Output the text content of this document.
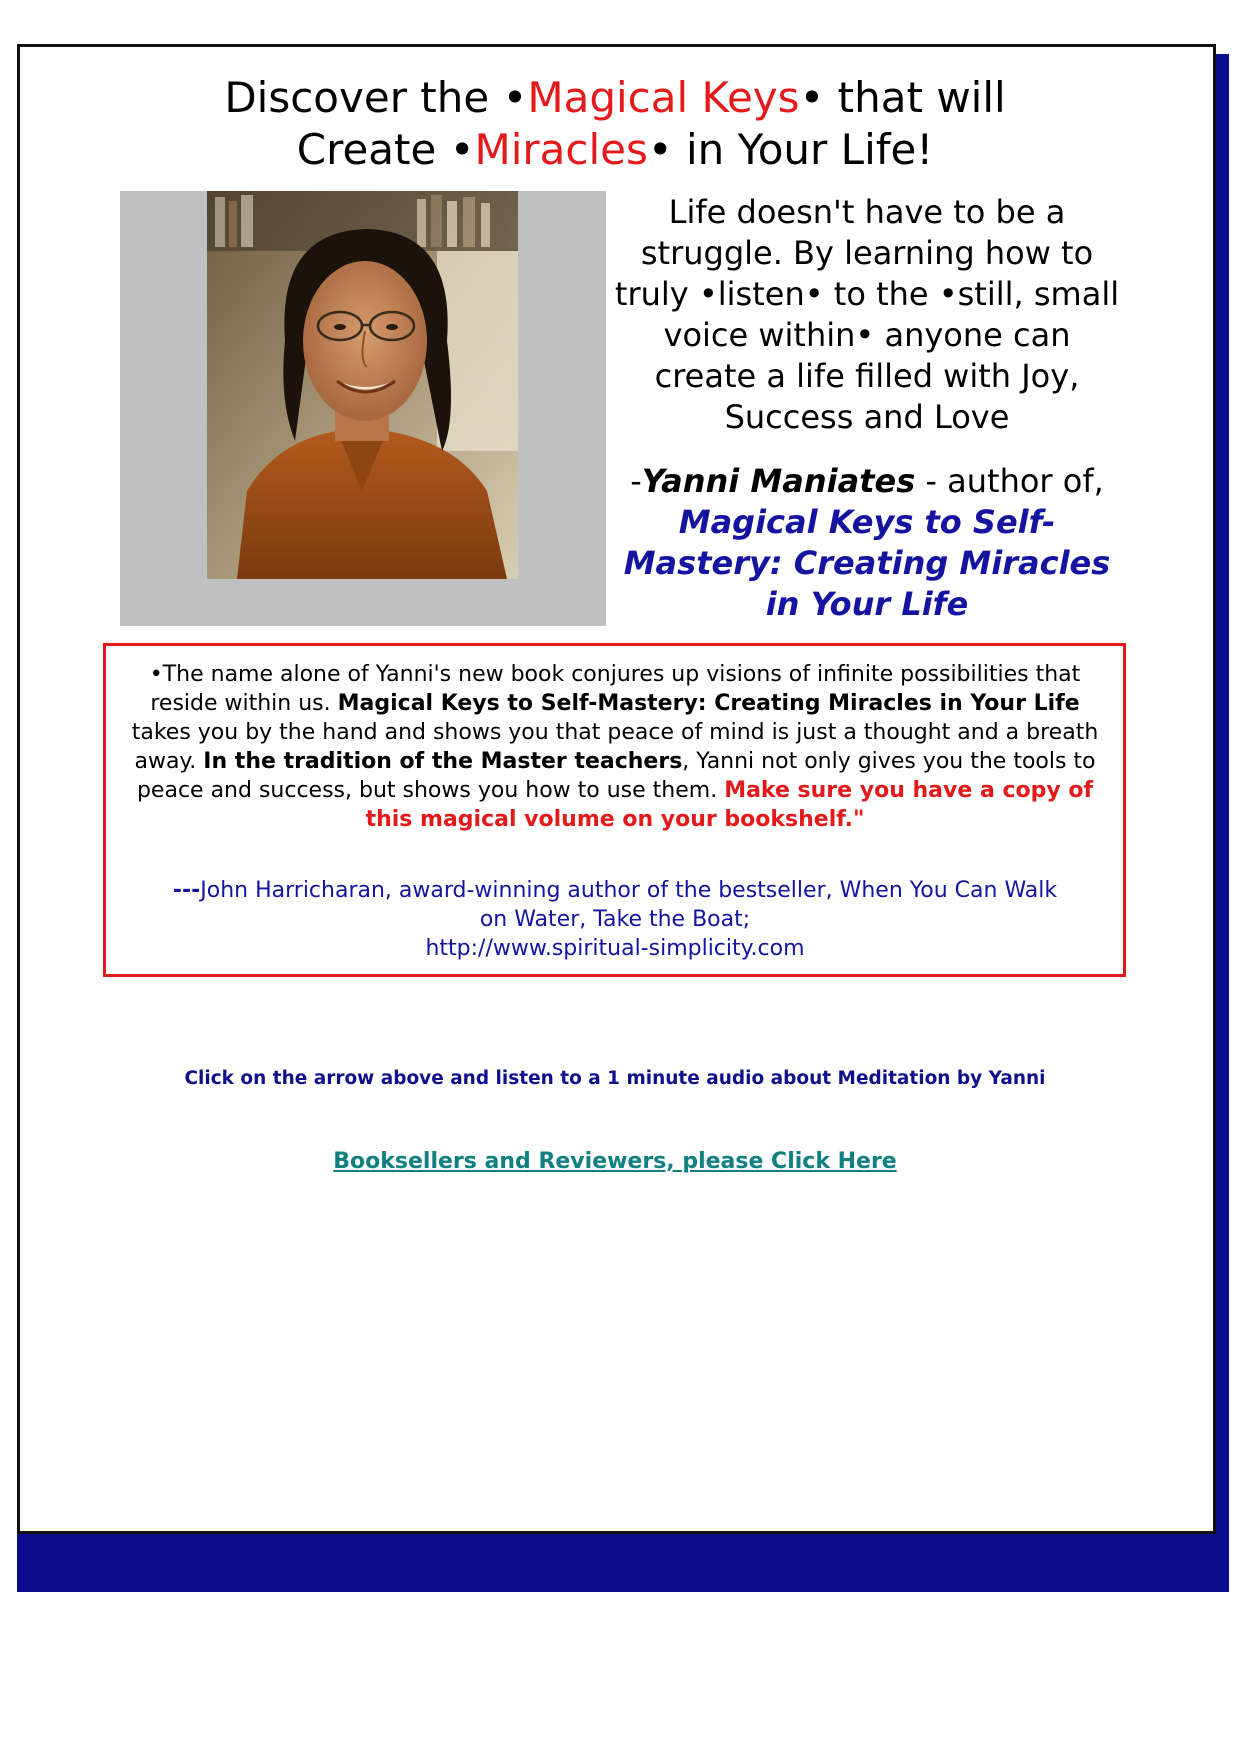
Discover the •Magical Keys• that will
Create •Miracles• in Your Life!
Life doesn't have to be a
struggle. By learning how to
truly •listen• to the •still, small
voice within• anyone can
create a life filled with Joy,
Success and Love
-Yanni Maniates - author of,
Magical Keys to Self-
Mastery: Creating Miracles
in Your Life
•The name alone of Yanni's new book conjures up visions of infinite possibilities that reside within us. Magical Keys to Self-Mastery: Creating Miracles in Your Life takes you by the hand and shows you that peace of mind is just a thought and a breath away. In the tradition of the Master teachers, Yanni not only gives you the tools to peace and success, but shows you how to use them. Make sure you have a copy of this magical volume on your bookshelf."
---John Harricharan, award-winning author of the bestseller, When You Can Walk
on Water, Take the Boat;
http://www.spiritual-simplicity.com
Click on the arrow above and listen to a 1 minute audio about Meditation by Yanni
Booksellers and Reviewers, please Click Here
